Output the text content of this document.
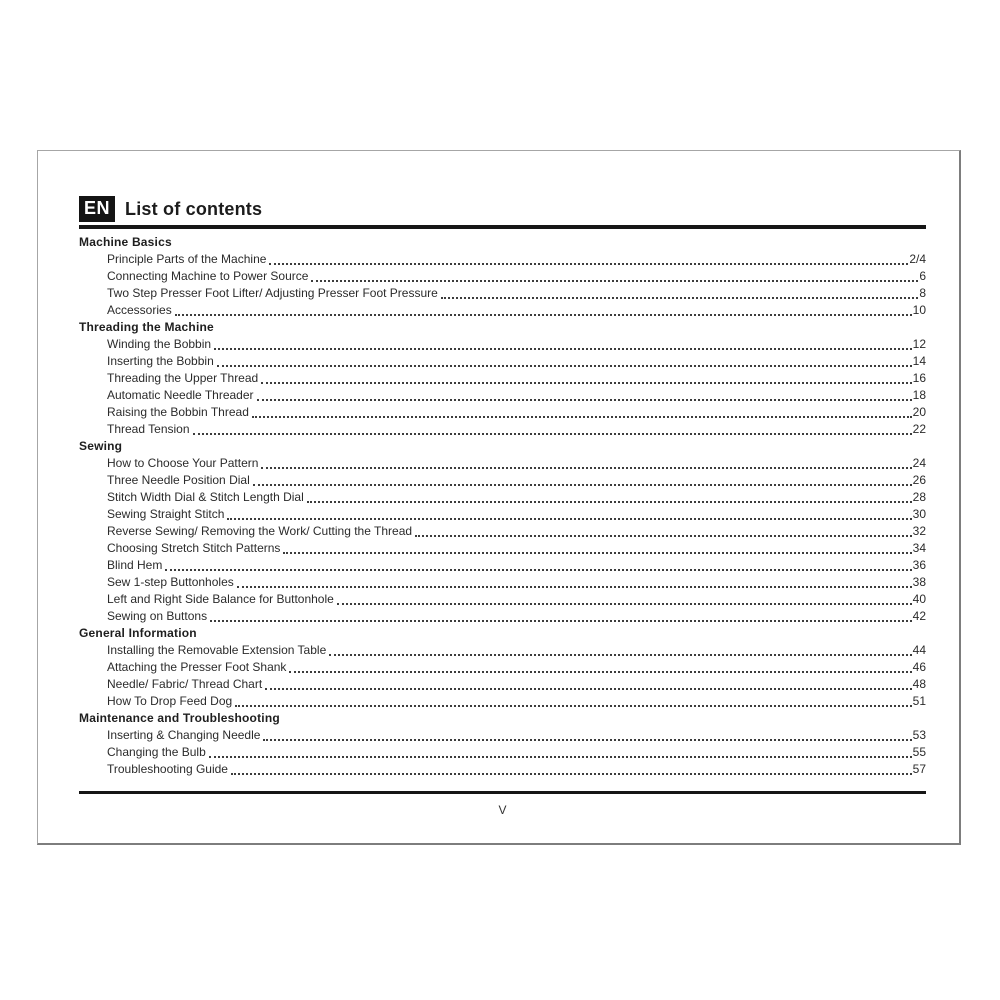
EN List of contents
Machine Basics
Principle Parts of the Machine	2/4
Connecting Machine to Power Source	6
Two Step Presser Foot Lifter/ Adjusting Presser Foot Pressure	8
Accessories	10
Threading the Machine
Winding the Bobbin	12
Inserting the Bobbin	14
Threading the Upper Thread	16
Automatic Needle Threader	18
Raising the Bobbin Thread	20
Thread Tension	22
Sewing
How to Choose Your Pattern	24
Three Needle Position Dial	26
Stitch Width Dial & Stitch Length Dial	28
Sewing Straight Stitch	30
Reverse Sewing/ Removing the Work/ Cutting the Thread	32
Choosing Stretch Stitch Patterns	34
Blind Hem	36
Sew 1-step Buttonholes	38
Left and Right Side Balance for Buttonhole	40
Sewing on Buttons	42
General Information
Installing the Removable Extension Table	44
Attaching the Presser Foot Shank	46
Needle/ Fabric/ Thread Chart	48
How To Drop Feed Dog	51
Maintenance and Troubleshooting
Inserting & Changing Needle	53
Changing the Bulb	55
Troubleshooting Guide	57
V
